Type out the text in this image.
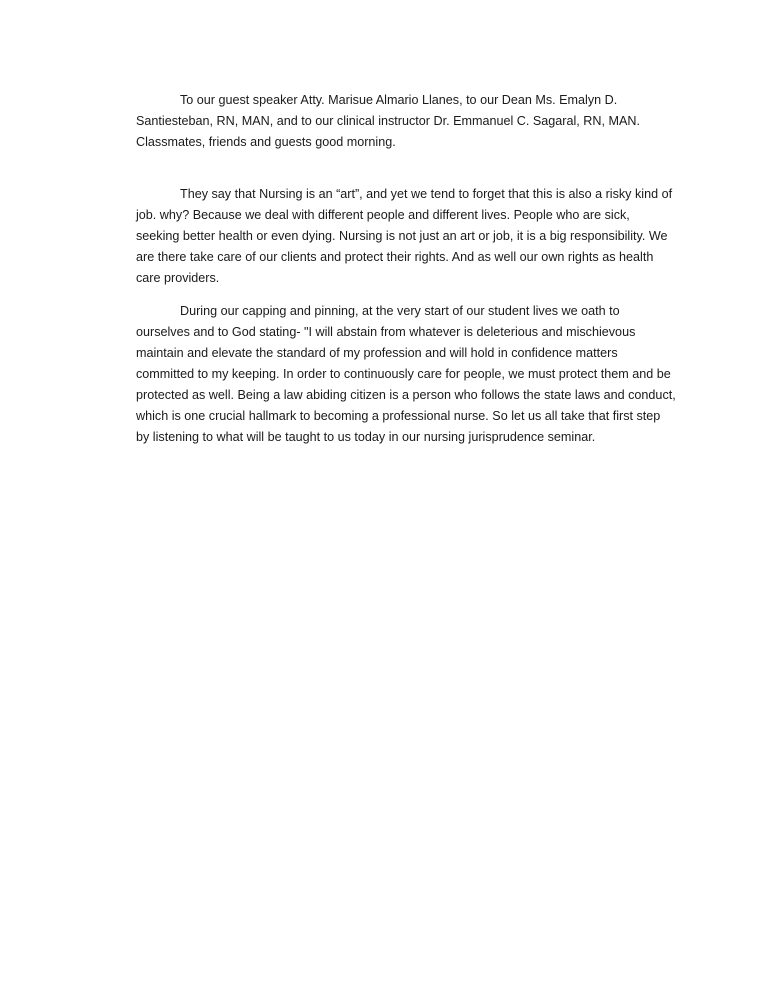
To our guest speaker Atty. Marisue Almario Llanes, to our Dean Ms. Emalyn D. Santiesteban, RN, MAN, and to our clinical instructor Dr. Emmanuel C. Sagaral, RN, MAN. Classmates, friends and guests good morning.

They say that Nursing is an “art”, and yet we tend to forget that this is also a risky kind of job. why? Because we deal with different people and different lives. People who are sick, seeking better health or even dying. Nursing is not just an art or job, it is a big responsibility. We are there take care of our clients and protect their rights. And as well our own rights as health care providers.

During our capping and pinning, at the very start of our student lives we oath to ourselves and to God stating- "I will abstain from whatever is deleterious and mischievous maintain and elevate the standard of my profession and will hold in confidence matters committed to my keeping. In order to continuously care for people, we must protect them and be protected as well. Being a law abiding citizen is a person who follows the state laws and conduct, which is one crucial hallmark to becoming a professional nurse. So let us all take that first step by listening to what will be taught to us today in our nursing jurisprudence seminar.
